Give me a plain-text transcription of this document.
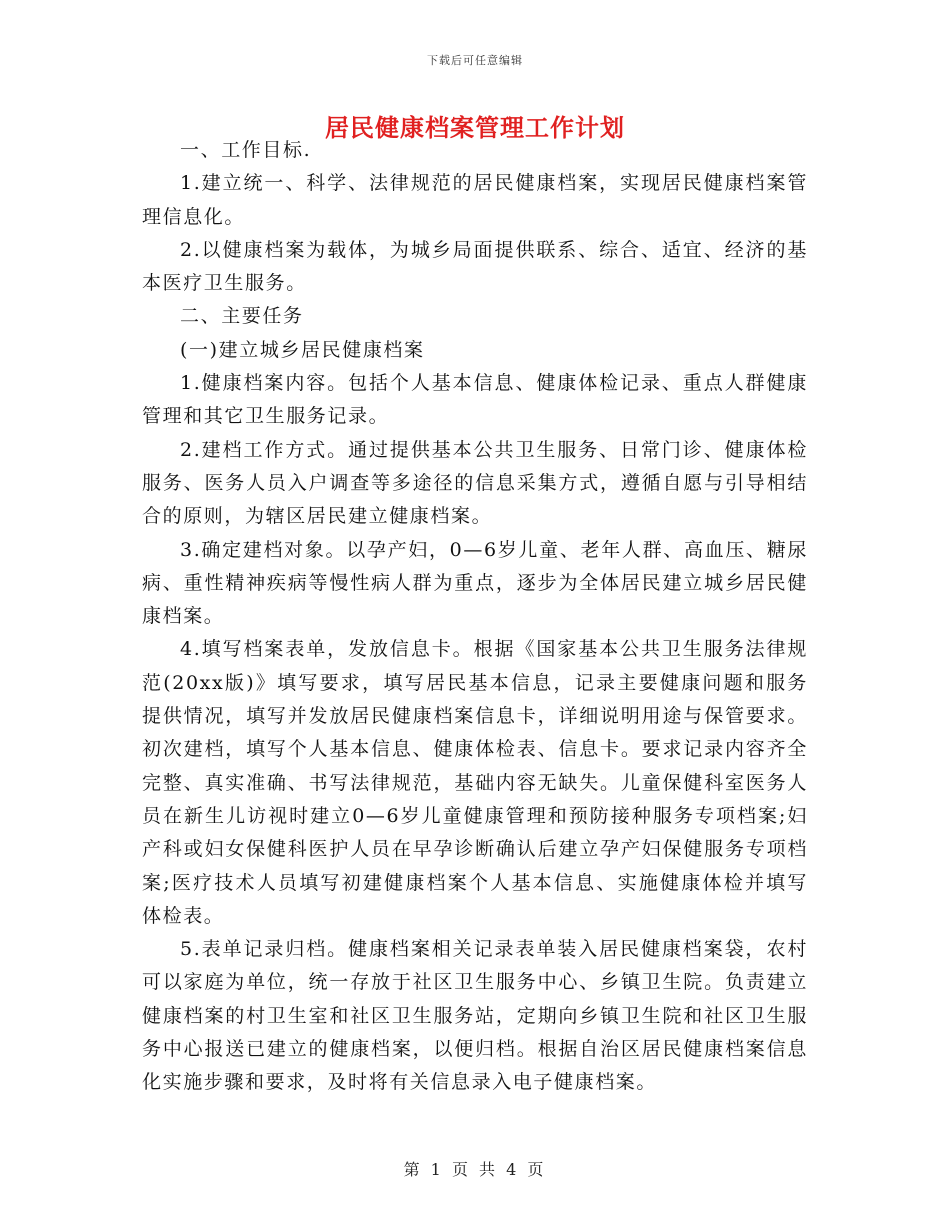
下载后可任意编辑
居民健康档案管理工作计划

一、工作目标.

1.建立统一、科学、法律规范的居民健康档案，实现居民健康档案管理信息化。

2.以健康档案为载体，为城乡局面提供联系、综合、适宜、经济的基本医疗卫生服务。

二、主要任务

(一)建立城乡居民健康档案

1.健康档案内容。包括个人基本信息、健康体检记录、重点人群健康管理和其它卫生服务记录。

2.建档工作方式。通过提供基本公共卫生服务、日常门诊、健康体检服务、医务人员入户调查等多途径的信息采集方式，遵循自愿与引导相结合的原则，为辖区居民建立健康档案。

3.确定建档对象。以孕产妇，0—6岁儿童、老年人群、高血压、糖尿病、重性精神疾病等慢性病人群为重点，逐步为全体居民建立城乡居民健康档案。

4.填写档案表单，发放信息卡。根据《国家基本公共卫生服务法律规范(20xx版)》填写要求，填写居民基本信息，记录主要健康问题和服务提供情况，填写并发放居民健康档案信息卡，详细说明用途与保管要求。初次建档，填写个人基本信息、健康体检表、信息卡。要求记录内容齐全完整、真实准确、书写法律规范，基础内容无缺失。儿童保健科室医务人员在新生儿访视时建立0—6岁儿童健康管理和预防接种服务专项档案;妇产科或妇女保健科医护人员在早孕诊断确认后建立孕产妇保健服务专项档案;医疗技术人员填写初建健康档案个人基本信息、实施健康体检并填写体检表。

5.表单记录归档。健康档案相关记录表单装入居民健康档案袋，农村可以家庭为单位，统一存放于社区卫生服务中心、乡镇卫生院。负责建立健康档案的村卫生室和社区卫生服务站，定期向乡镇卫生院和社区卫生服务中心报送已建立的健康档案，以便归档。根据自治区居民健康档案信息化实施步骤和要求，及时将有关信息录入电子健康档案。

第 1 页 共 4 页
